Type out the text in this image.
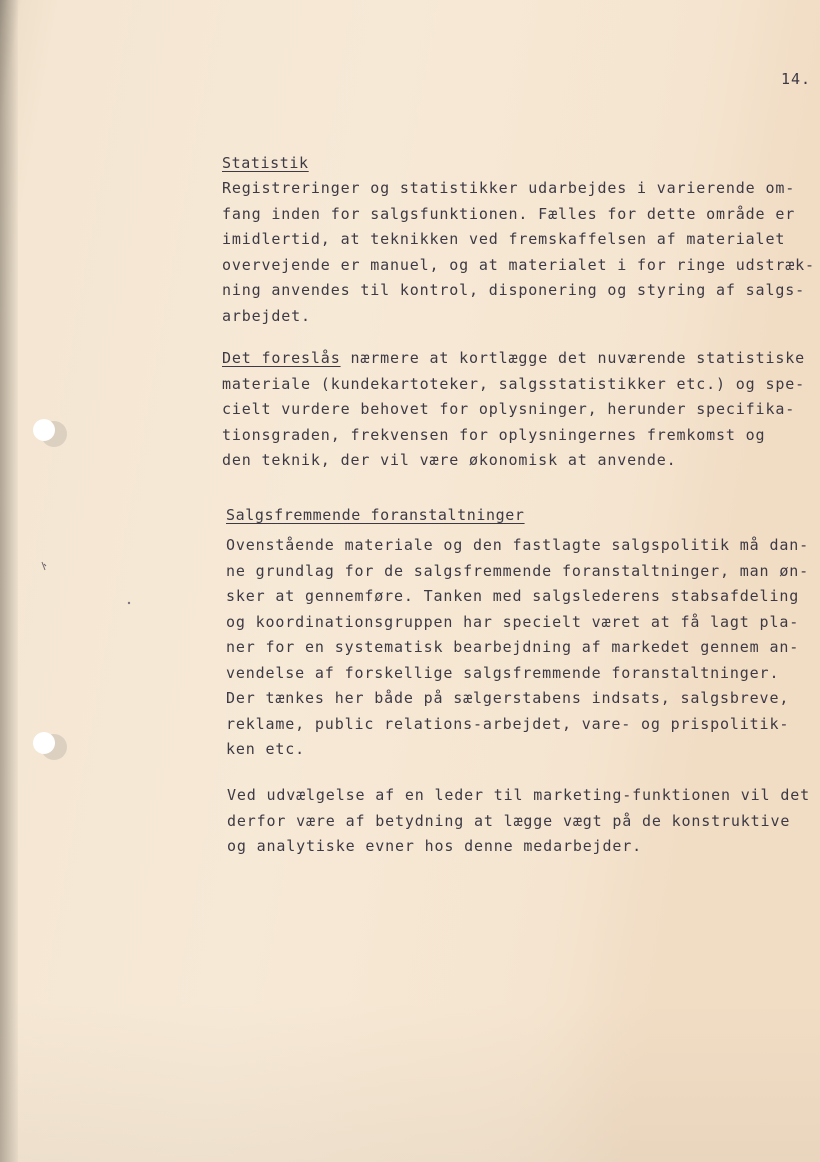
14.
Statistik
Registreringer og statistikker udarbejdes i varierende om-
fang inden for salgsfunktionen. Fælles for dette område er
imidlertid, at teknikken ved fremskaffelsen af materialet
overvejende er manuel, og at materialet i for ringe udstræk-
ning anvendes til kontrol, disponering og styring af salgs-
arbejdet.
Det foreslås nærmere at kortlægge det nuværende statistiske
materiale (kundekartoteker, salgsstatistikker etc.) og spe-
cielt vurdere behovet for oplysninger, herunder specifika-
tionsgraden, frekvensen for oplysningernes fremkomst og
den teknik, der vil være økonomisk at anvende.
Salgsfremmende foranstaltninger
Ovenstående materiale og den fastlagte salgspolitik må dan-
ne grundlag for de salgsfremmende foranstaltninger, man øn-
sker at gennemføre. Tanken med salgslederens stabsafdeling
og koordinationsgruppen har specielt været at få lagt pla-
ner for en systematisk bearbejdning af markedet gennem an-
vendelse af forskellige salgsfremmende foranstaltninger.
Der tænkes her både på sælgerstabens indsats, salgsbreve,
reklame, public relations-arbejdet, vare- og prispolitik-
ken etc.
Ved udvælgelse af en leder til marketing-funktionen vil det
derfor være af betydning at lægge vægt på de konstruktive
og analytiske evner hos denne medarbejder.
